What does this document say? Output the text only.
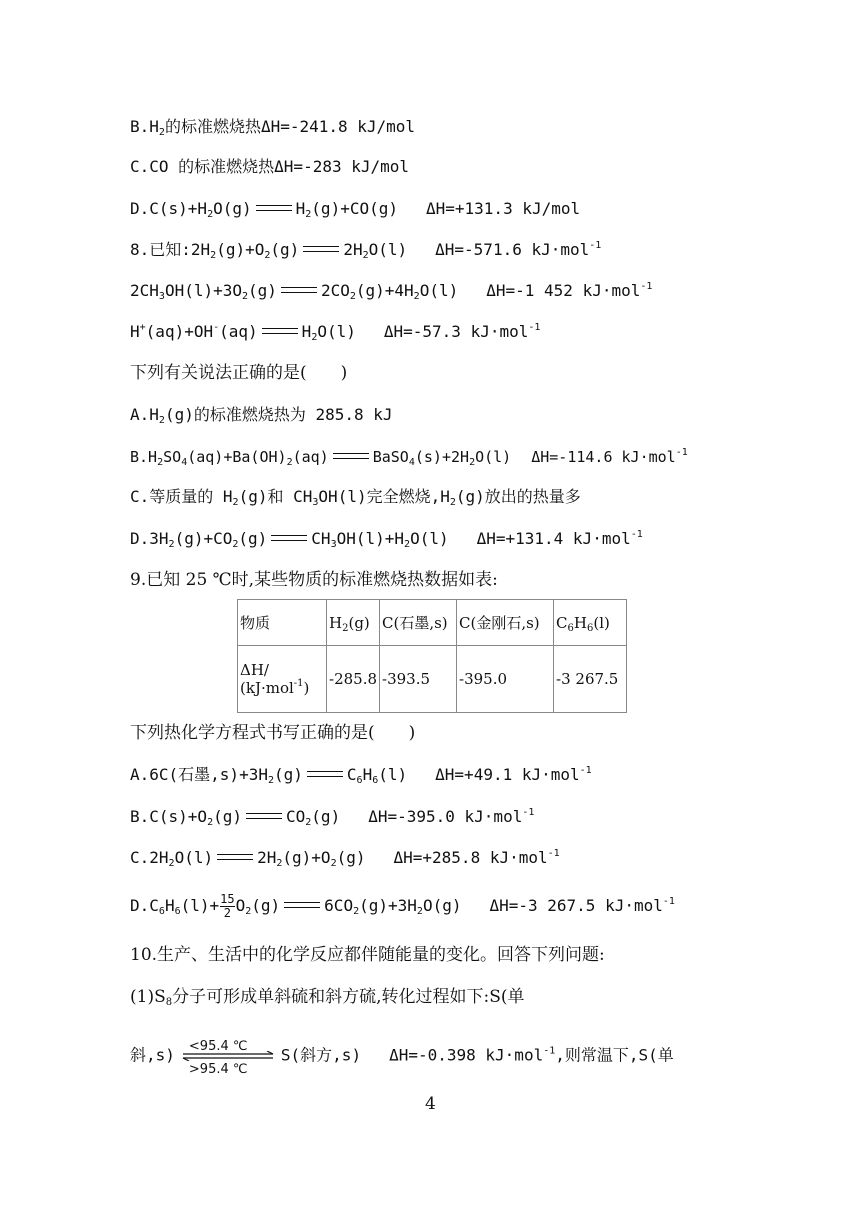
$B.H_2$的标准燃烧热ΔH=-241.8 kJ/mol
C.CO 的标准燃烧热ΔH=-283 kJ/mol
$D.C(s)+H_2O(g)$	$H_2(g)+CO(g)$ ΔH=+131.3 kJ/mol
8.已知$:2H_2(g)+O_2(g)$	$2H_2O(l)$ ΔH=-571.6 kJ·mol$^{-1}$
$2CH_3OH(l)+3O_2(g)$	$2CO_2(g)+4H_2O(l)$ ΔH=-1 452 kJ·mol$^{-1}$
H+(aq)+OH-(aq)	$H_2O(l)$ ΔH=-57.3 kJ·mol$^{-1}$
下列有关说法正确的是(　　)
$A.H_2(g)$的标准燃烧热为 285.8 kJ
$B.H_2SO_4(aq)+Ba(OH)_2(aq)$	$BaSO_4(s)+2H_2O(l)$ ΔH=-114.6 kJ·mol$^{-1}$
C.等质量的 $H_2(g)$和 $CH_3OH(l)$完全燃烧$,H_2(g)$放出的热量多
$D.3H_2(g)+CO_2(g)$	$CH_3OH(l)+H_2O(l)$ ΔH=+131.4 kJ·mol$^{-1}$
9.已知 25 ℃时,某些物质的标准燃烧热数据如表:
物质	$H_2(g)$	C(石墨,s)	C(金刚石,s)	$C_6H_6(l)$
ΔH/
(kJ·mol$^{-1}$)	-285.8	-393.5	-395.0	-3 267.5
下列热化学方程式书写正确的是(　　)
A.6C(石墨$,s)+3H_2(g)$	$C_6H_6(l)$ ΔH=+49.1 kJ·mol$^{-1}$
$B.C(s)+O_2(g)$	$CO_2(g)$ ΔH=-395.0 kJ·mol$^{-1}$
$C.2H_2O(l)$	$2H_2(g)+O_2(g)$ ΔH=+285.8 kJ·mol$^{-1}$
$D.C_6H_6(l)+ \frac{15}{2} O_2(g)$	$6CO_2(g)+3H_2O(g)$ ΔH=-3 267.5 kJ·mol$^{-1}$
10.生产、生活中的化学反应都伴随能量的变化。回答下列问题:
$(1)S_8$分子可形成单斜硫和斜方硫,转化过程如下:S(单
斜,s) <95.4 ℃
>95.4 ℃
S(斜方,s) ΔH=-0.398 kJ·mol$^{-1}$,则常温下,S(单
4
